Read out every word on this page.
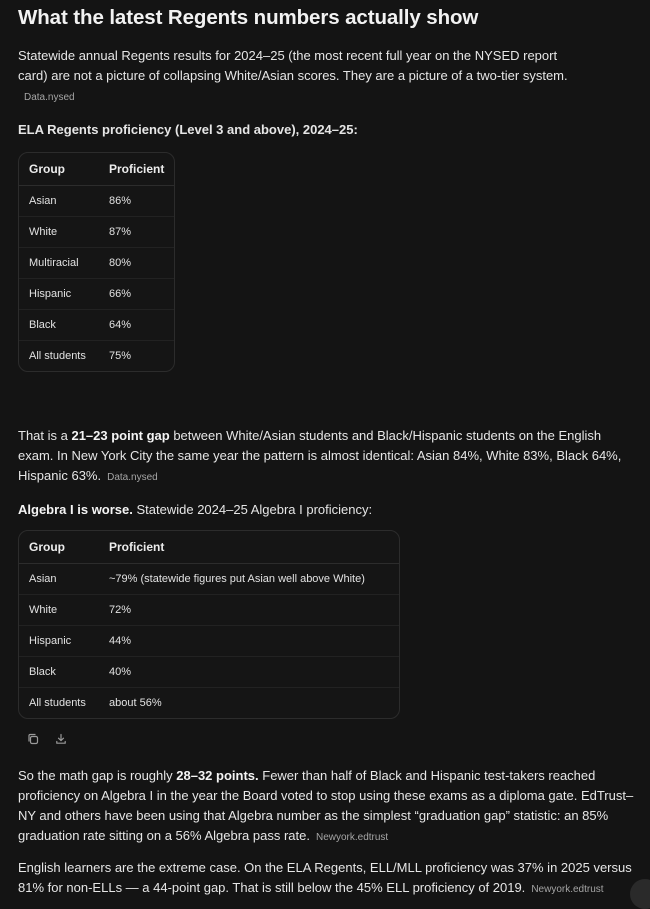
What the latest Regents numbers actually show

Statewide annual Regents results for 2024–25 (the most recent full year on the NYSED report card) are not a picture of collapsing White/Asian scores. They are a picture of a two-tier system.Data.nysed

ELA Regents proficiency (Level 3 and above), 2024–25:

Group	Proficient
Asian	86%
White	87%
Multiracial	80%
Hispanic	66%
Black	64%
All students	75%

That is a 21–23 point gap between White/Asian students and Black/Hispanic students on the English exam. In New York City the same year the pattern is almost identical: Asian 84%, White 83%, Black 64%, Hispanic 63%. Data.nysed

Algebra I is worse. Statewide 2024–25 Algebra I proficiency:

Group	Proficient
Asian	~79% (statewide figures put Asian well above White)
White	72%
Hispanic	44%
Black	40%
All students	about 56%

So the math gap is roughly 28–32 points. Fewer than half of Black and Hispanic test-takers reached proficiency on Algebra I in the year the Board voted to stop using these exams as a diploma gate. EdTrust–NY and others have been using that Algebra number as the simplest “graduation gap” statistic: an 85% graduation rate sitting on a 56% Algebra pass rate. Newyork.edtrust

English learners are the extreme case. On the ELA Regents, ELL/MLL proficiency was 37% in 2025 versus 81% for non-ELLs — a 44-point gap. That is still below the 45% ELL proficiency of 2019. Newyork.edtrust
